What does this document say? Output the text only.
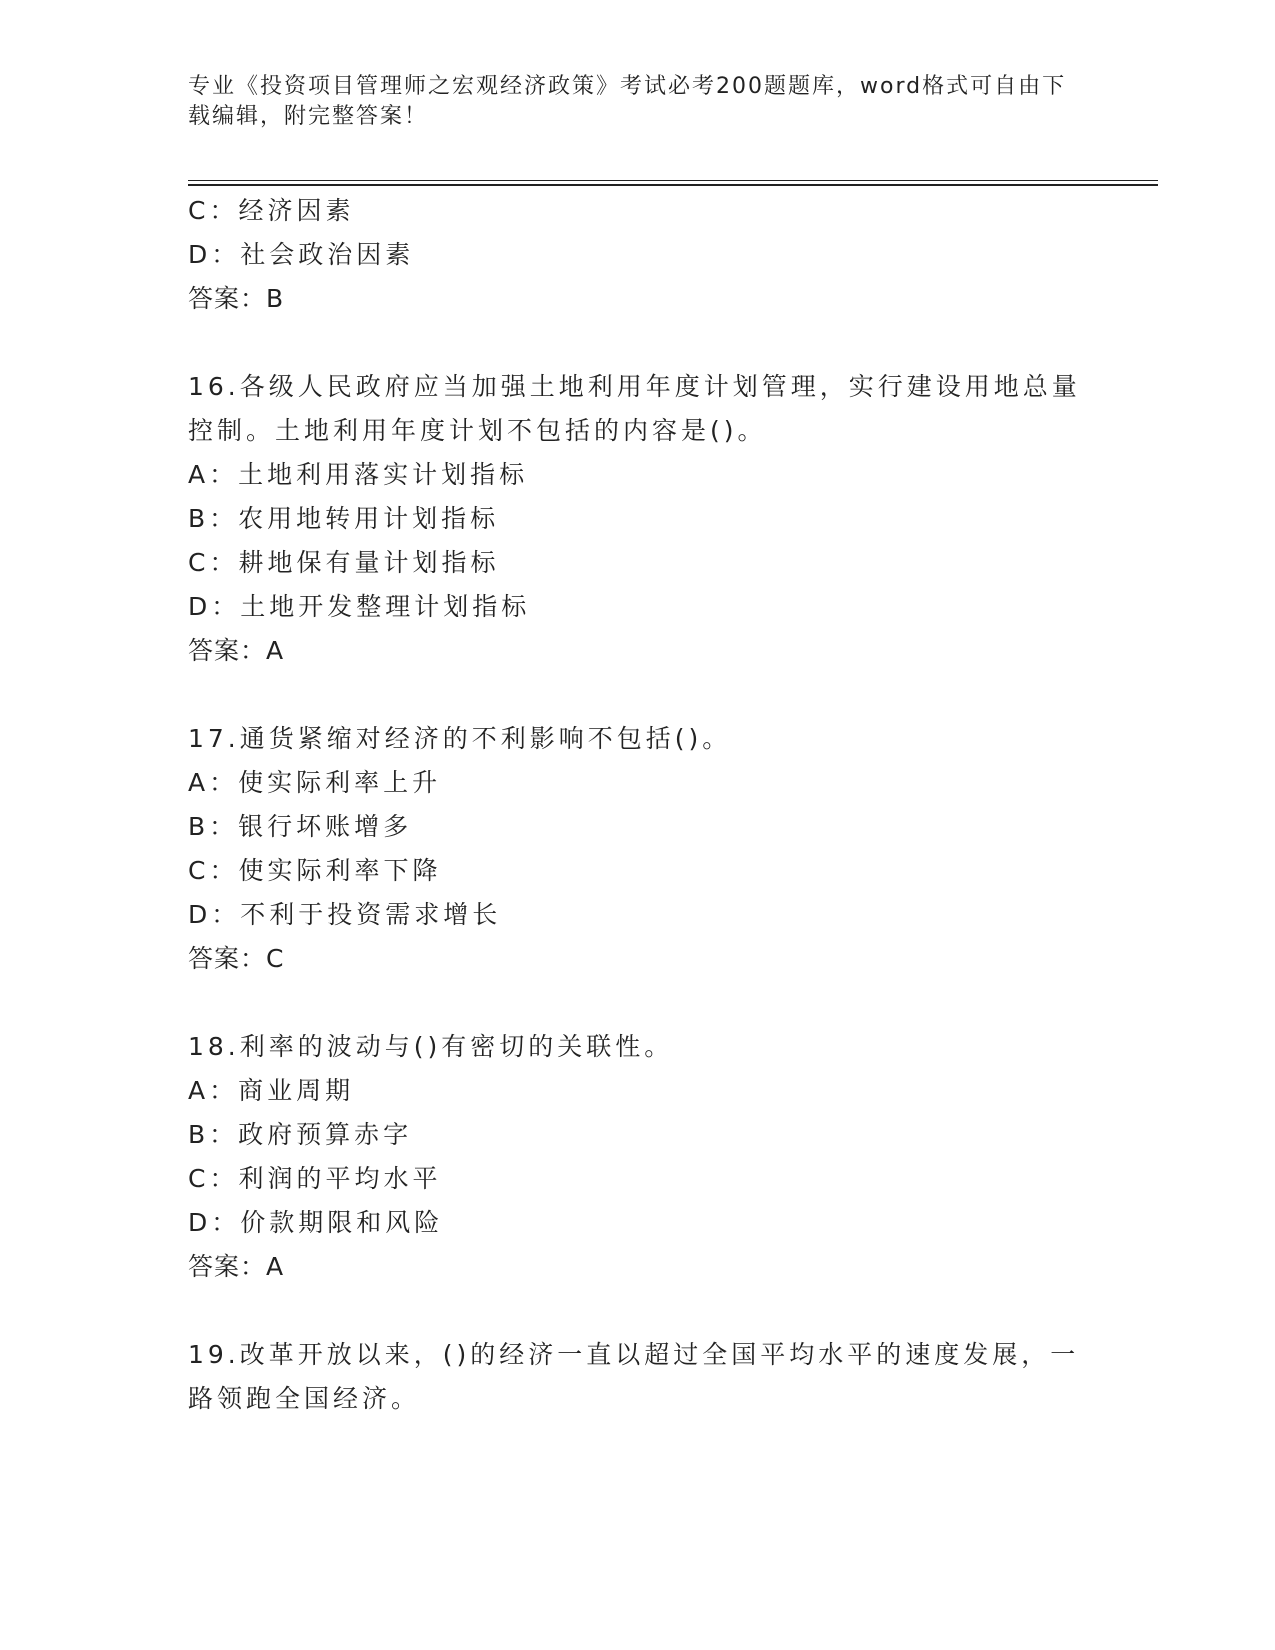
专业《投资项目管理师之宏观经济政策》考试必考200题题库，word格式可自由下载编辑，附完整答案！
C：经济因素
D：社会政治因素
答案：B
16.各级人民政府应当加强土地利用年度计划管理，实行建设用地总量
控制。土地利用年度计划不包括的内容是()。
A：土地利用落实计划指标
B：农用地转用计划指标
C：耕地保有量计划指标
D：土地开发整理计划指标
答案：A
17.通货紧缩对经济的不利影响不包括()。
A：使实际利率上升
B：银行坏账增多
C：使实际利率下降
D：不利于投资需求增长
答案：C
18.利率的波动与()有密切的关联性。
A：商业周期
B：政府预算赤字
C：利润的平均水平
D：价款期限和风险
答案：A
19.改革开放以来，()的经济一直以超过全国平均水平的速度发展，一
路领跑全国经济。
